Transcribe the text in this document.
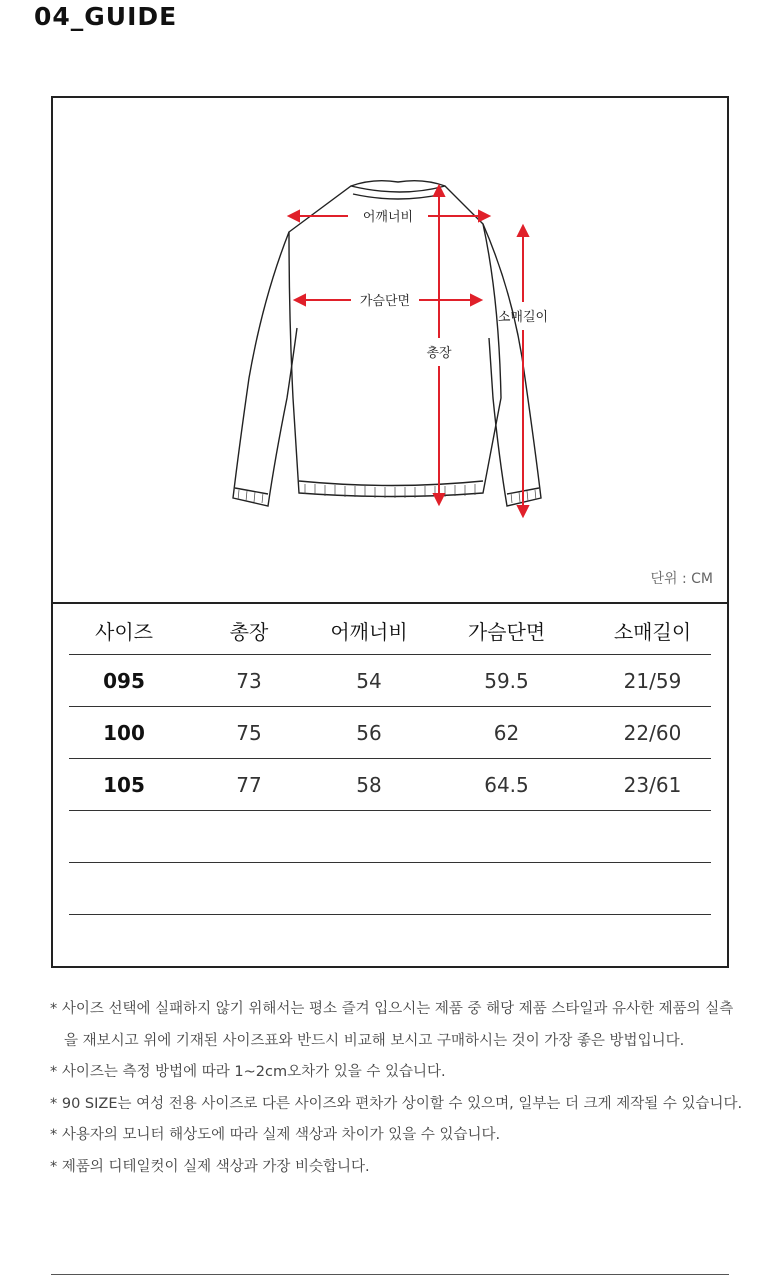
04_GUIDE
어깨너비
가슴단면
총장
소매길이
단위 : CM
사이즈	총장	어깨너비	가슴단면	소매길이
095	73	54	59.5	21/59
100	75	56	62	22/60
105	77	58	64.5	23/61
* 사이즈 선택에 실패하지 않기 위해서는 평소 즐겨 입으시는 제품 중 해당 제품 스타일과 유사한 제품의 실측
을 재보시고 위에 기재된 사이즈표와 반드시 비교해 보시고 구매하시는 것이 가장 좋은 방법입니다.
* 사이즈는 측정 방법에 따라 1~2cm오차가 있을 수 있습니다.
* 90 SIZE는 여성 전용 사이즈로 다른 사이즈와 편차가 상이할 수 있으며, 일부는 더 크게 제작될 수 있습니다.
* 사용자의 모니터 해상도에 따라 실제 색상과 차이가 있을 수 있습니다.
* 제품의 디테일컷이 실제 색상과 가장 비슷합니다.
